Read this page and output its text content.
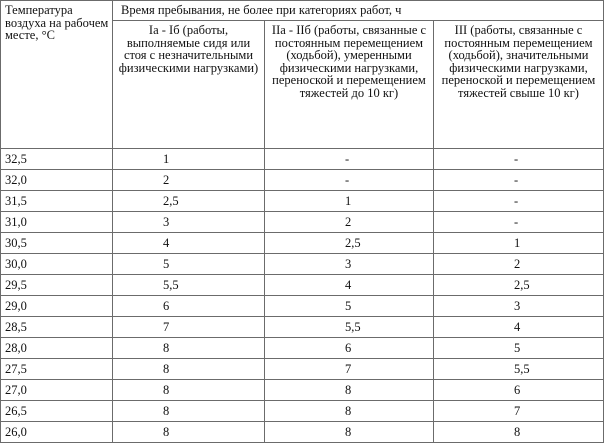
Температура воздуха на рабочем месте, °С	Время пребывания, не более при категориях работ, ч		
	Iа - Iб (работы, выполняемые сидя или стоя с незначительными физическими нагрузками)	IIа - IIб (работы, связанные с постоянным перемещением (ходьбой), умеренными физическими нагрузками, переноской и перемещением тяжестей до 10 кг)	III (работы, связанные с постоянным перемещением (ходьбой), значительными физическими нагрузками, переноской и перемещением тяжестей свыше 10 кг)
32,5	1	-	-
32,0	2	-	-
31,5	2,5	1	-
31,0	3	2	-
30,5	4	2,5	1
30,0	5	3	2
29,5	5,5	4	2,5
29,0	6	5	3
28,5	7	5,5	4
28,0	8	6	5
27,5	8	7	5,5
27,0	8	8	6
26,5	8	8	7
26,0	8	8	8
